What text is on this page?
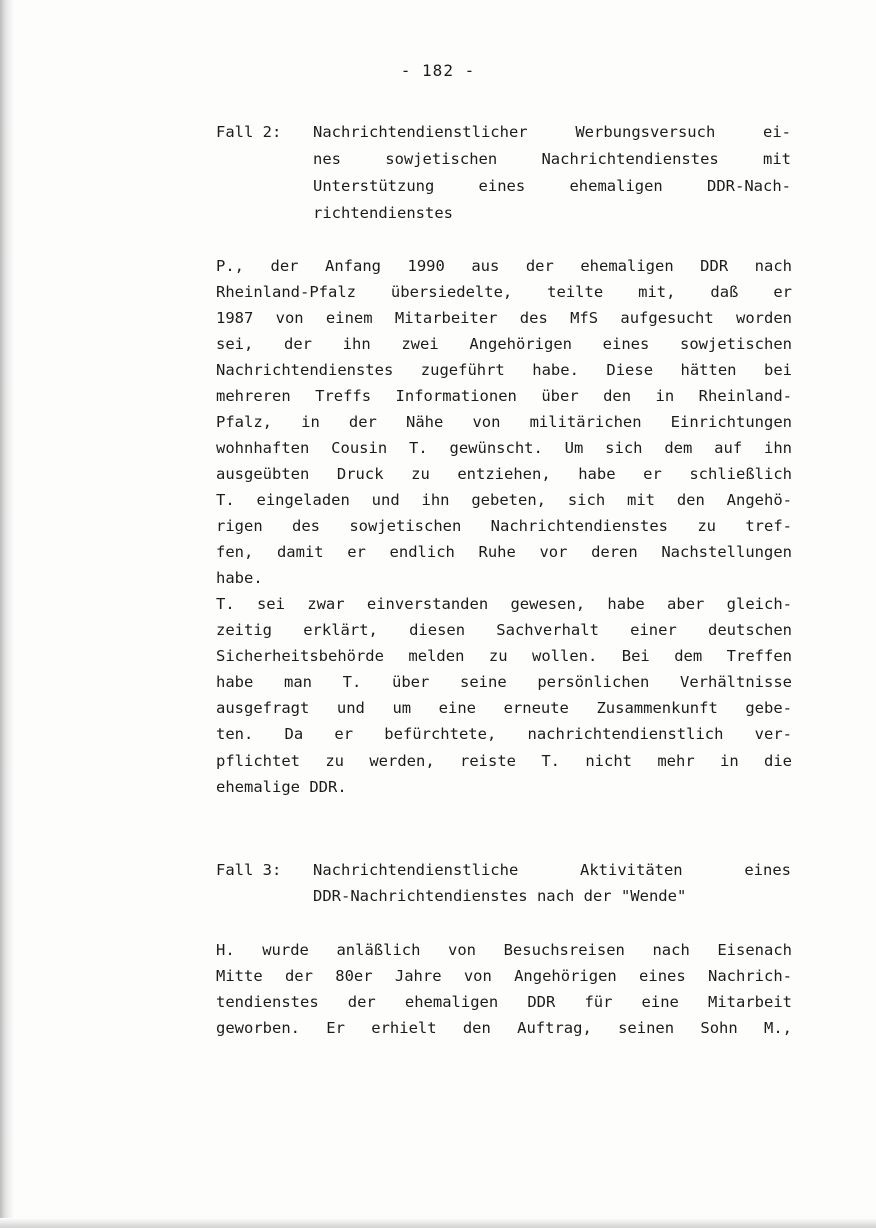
- 182 -
Fall 2: Nachrichtendienstlicher Werbungsversuch ei-
nes sowjetischen Nachrichtendienstes mit
Unterstützung eines ehemaligen DDR-Nach-
richtendienstes
P., der Anfang 1990 aus der ehemaligen DDR nach
Rheinland-Pfalz übersiedelte, teilte mit, daß er
1987 von einem Mitarbeiter des MfS aufgesucht worden
sei, der ihn zwei Angehörigen eines sowjetischen
Nachrichtendienstes zugeführt habe. Diese hätten bei
mehreren Treffs Informationen über den in Rheinland-
Pfalz, in der Nähe von militärichen Einrichtungen
wohnhaften Cousin T. gewünscht. Um sich dem auf ihn
ausgeübten Druck zu entziehen, habe er schließlich
T. eingeladen und ihn gebeten, sich mit den Angehö-
rigen des sowjetischen Nachrichtendienstes zu tref-
fen, damit er endlich Ruhe vor deren Nachstellungen
habe.
T. sei zwar einverstanden gewesen, habe aber gleich-
zeitig erklärt, diesen Sachverhalt einer deutschen
Sicherheitsbehörde melden zu wollen. Bei dem Treffen
habe man T. über seine persönlichen Verhältnisse
ausgefragt und um eine erneute Zusammenkunft gebe-
ten. Da er befürchtete, nachrichtendienstlich ver-
pflichtet zu werden, reiste T. nicht mehr in die
ehemalige DDR.
Fall 3: Nachrichtendienstliche Aktivitäten eines
DDR-Nachrichtendienstes nach der "Wende"
H. wurde anläßlich von Besuchsreisen nach Eisenach
Mitte der 80er Jahre von Angehörigen eines Nachrich-
tendienstes der ehemaligen DDR für eine Mitarbeit
geworben. Er erhielt den Auftrag, seinen Sohn M.,
